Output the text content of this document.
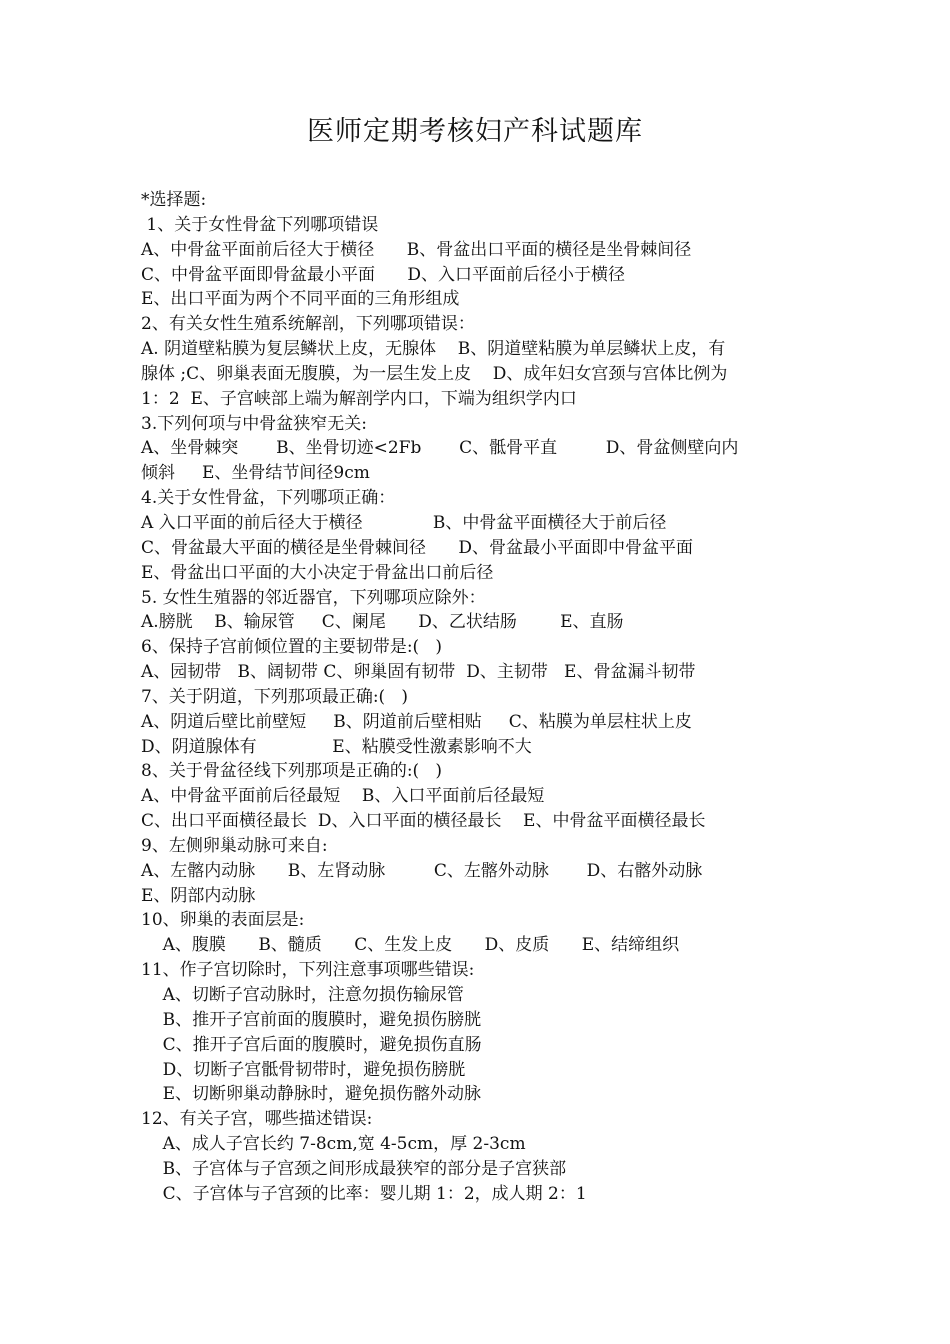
医师定期考核妇产科试题库
*选择题:
1、关于女性骨盆下列哪项错误
A、中骨盆平面前后径大于横径      B、骨盆出口平面的横径是坐骨棘间径
C、中骨盆平面即骨盆最小平面      D、入口平面前后径小于横径
E、出口平面为两个不同平面的三角形组成
2、有关女性生殖系统解剖，下列哪项错误：
A. 阴道壁粘膜为复层鳞状上皮，无腺体    B、阴道壁粘膜为单层鳞状上皮，有
腺体 ;C、卵巢表面无腹膜，为一层生发上皮    D、成年妇女宫颈与宫体比例为
1：2  E、子宫峡部上端为解剖学内口，下端为组织学内口
3.下列何项与中骨盆狭窄无关:
A、坐骨棘突       B、坐骨切迹<2Fb       C、骶骨平直         D、骨盆侧壁向内
倾斜     E、坐骨结节间径9cm
4.关于女性骨盆，下列哪项正确：
A 入口平面的前后径大于横径             B、中骨盆平面横径大于前后径
C、骨盆最大平面的横径是坐骨棘间径      D、骨盆最小平面即中骨盆平面
E、骨盆出口平面的大小决定于骨盆出口前后径
5. 女性生殖器的邻近器官，下列哪项应除外：
A.膀胱    B、输尿管     C、阑尾      D、乙状结肠        E、直肠
6、保持子宫前倾位置的主要韧带是:(   )
A、园韧带   B、阔韧带 C、卵巢固有韧带  D、主韧带   E、骨盆漏斗韧带
7、关于阴道，下列那项最正确:(   )
A、阴道后壁比前壁短     B、阴道前后壁相贴     C、粘膜为单层柱状上皮
D、阴道腺体有              E、粘膜受性激素影响不大
8、关于骨盆径线下列那项是正确的:(   )
A、中骨盆平面前后径最短    B、入口平面前后径最短
C、出口平面横径最长  D、入口平面的横径最长    E、中骨盆平面横径最长
9、左侧卵巢动脉可来自:
A、左髂内动脉      B、左肾动脉         C、左髂外动脉       D、右髂外动脉
E、阴部内动脉
10、卵巢的表面层是:
A、腹膜      B、髓质      C、生发上皮      D、皮质      E、结缔组织
11、作子宫切除时，下列注意事项哪些错误:
A、切断子宫动脉时，注意勿损伤输尿管
B、推开子宫前面的腹膜时，避免损伤膀胱
C、推开子宫后面的腹膜时，避免损伤直肠
D、切断子宫骶骨韧带时，避免损伤膀胱
E、切断卵巢动静脉时，避免损伤髂外动脉
12、有关子宫，哪些描述错误:
A、成人子宫长约 7-8cm,宽 4-5cm，厚 2-3cm
B、子宫体与子宫颈之间形成最狭窄的部分是子宫狭部
C、子宫体与子宫颈的比率：婴儿期 1：2，成人期 2：1
